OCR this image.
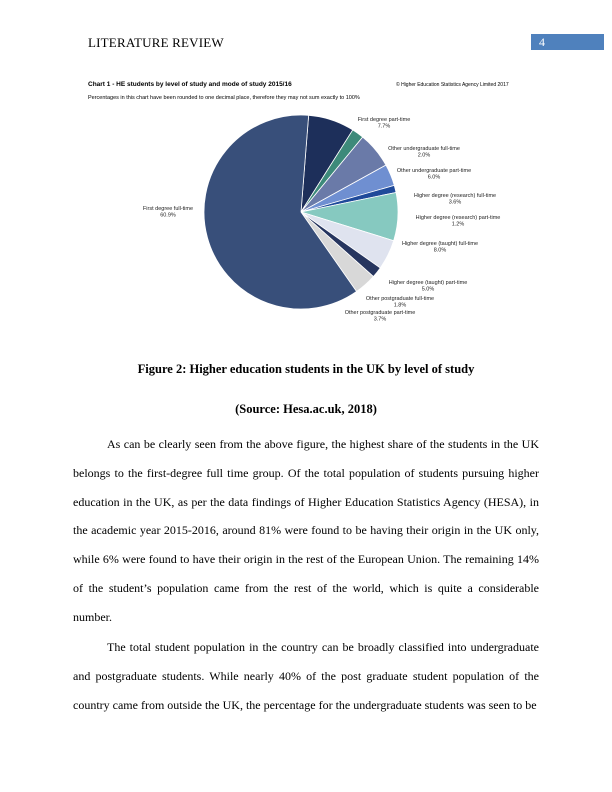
LITERATURE REVIEW	4
Chart 1 - HE students by level of study and mode of study 2015/16
Percentages in this chart have been rounded to one decimal place, therefore they may not sum exactly to 100%
© Higher Education Statistics Agency Limited 2017
First degree part-time
7.7%
Other undergraduate full-time
2.0%
Other undergraduate part-time
6.0%
Higher degree (research) full-time
3.6%
Higher degree (research) part-time
1.2%
Higher degree (taught) full-time
8.0%
Higher degree (taught) part-time
5.0%
Other postgraduate full-time
1.8%
Other postgraduate part-time
3.7%
First degree full-time
60.9%
Figure 2: Higher education students in the UK by level of study
(Source: Hesa.ac.uk, 2018)

As can be clearly seen from the above figure, the highest share of the students in the UK belongs to the first-degree full time group. Of the total population of students pursuing higher education in the UK, as per the data findings of Higher Education Statistics Agency (HESA), in the academic year 2015-2016, around 81% were found to be having their origin in the UK only, while 6% were found to have their origin in the rest of the European Union. The remaining 14% of the student’s population came from the rest of the world, which is quite a considerable number.

The total student population in the country can be broadly classified into undergraduate and postgraduate students. While nearly 40% of the post graduate student population of the country came from outside the UK, the percentage for the undergraduate students was seen to be
